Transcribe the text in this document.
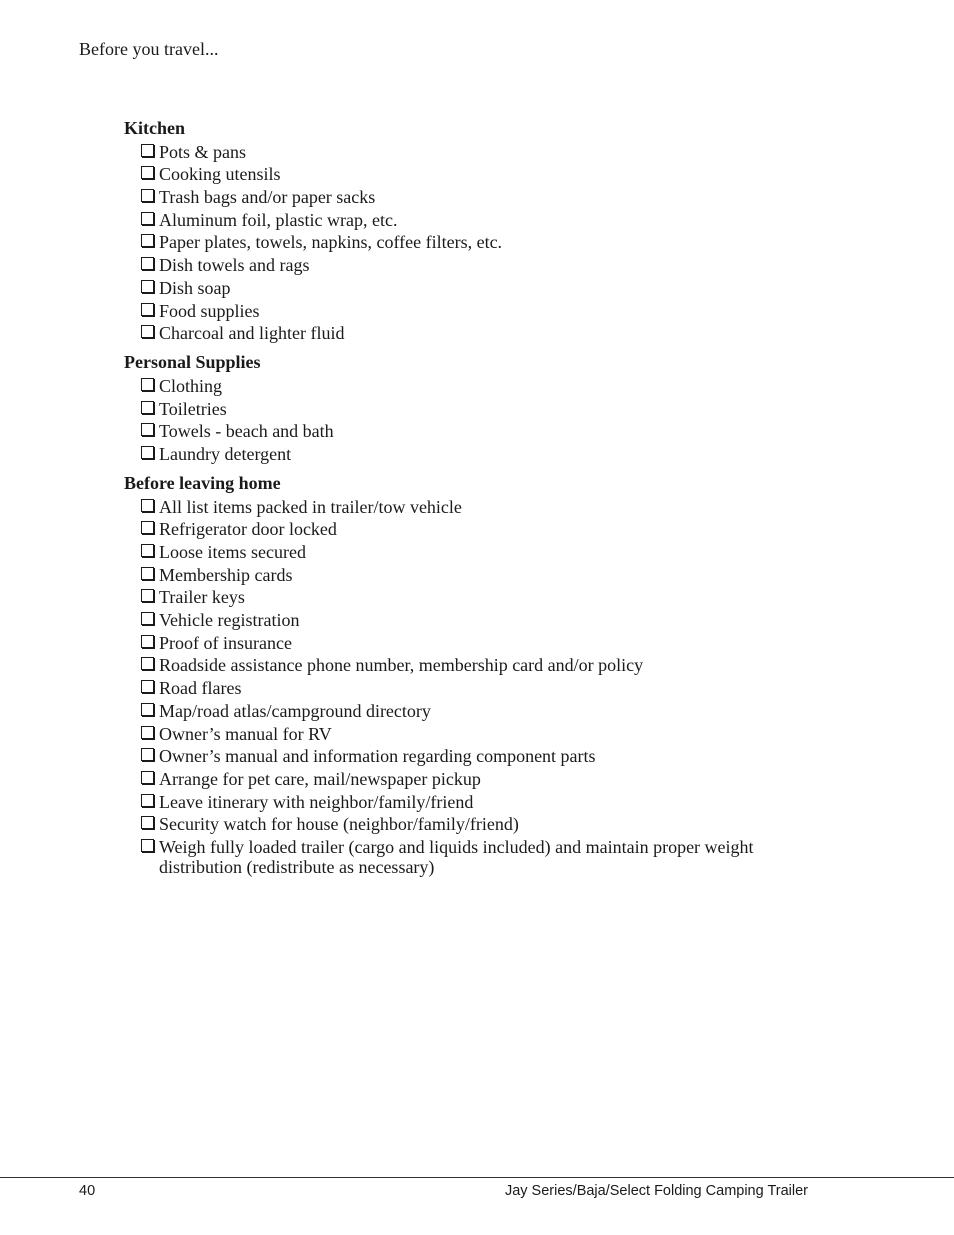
Before you travel...
Kitchen
Pots & pans
Cooking utensils
Trash bags and/or paper sacks
Aluminum foil, plastic wrap, etc.
Paper plates, towels, napkins, coffee filters, etc.
Dish towels and rags
Dish soap
Food supplies
Charcoal and lighter fluid
Personal Supplies
Clothing
Toiletries
Towels - beach and bath
Laundry detergent
Before leaving home
All list items packed in trailer/tow vehicle
Refrigerator door locked
Loose items secured
Membership cards
Trailer keys
Vehicle registration
Proof of insurance
Roadside assistance phone number, membership card and/or policy
Road flares
Map/road atlas/campground directory
Owner’s manual for RV
Owner’s manual and information regarding component parts
Arrange for pet care, mail/newspaper pickup
Leave itinerary with neighbor/family/friend
Security watch for house (neighbor/family/friend)
Weigh fully loaded trailer (cargo and liquids included) and maintain proper weight distribution (redistribute as necessary)
40	Jay Series/Baja/Select Folding Camping Trailer
